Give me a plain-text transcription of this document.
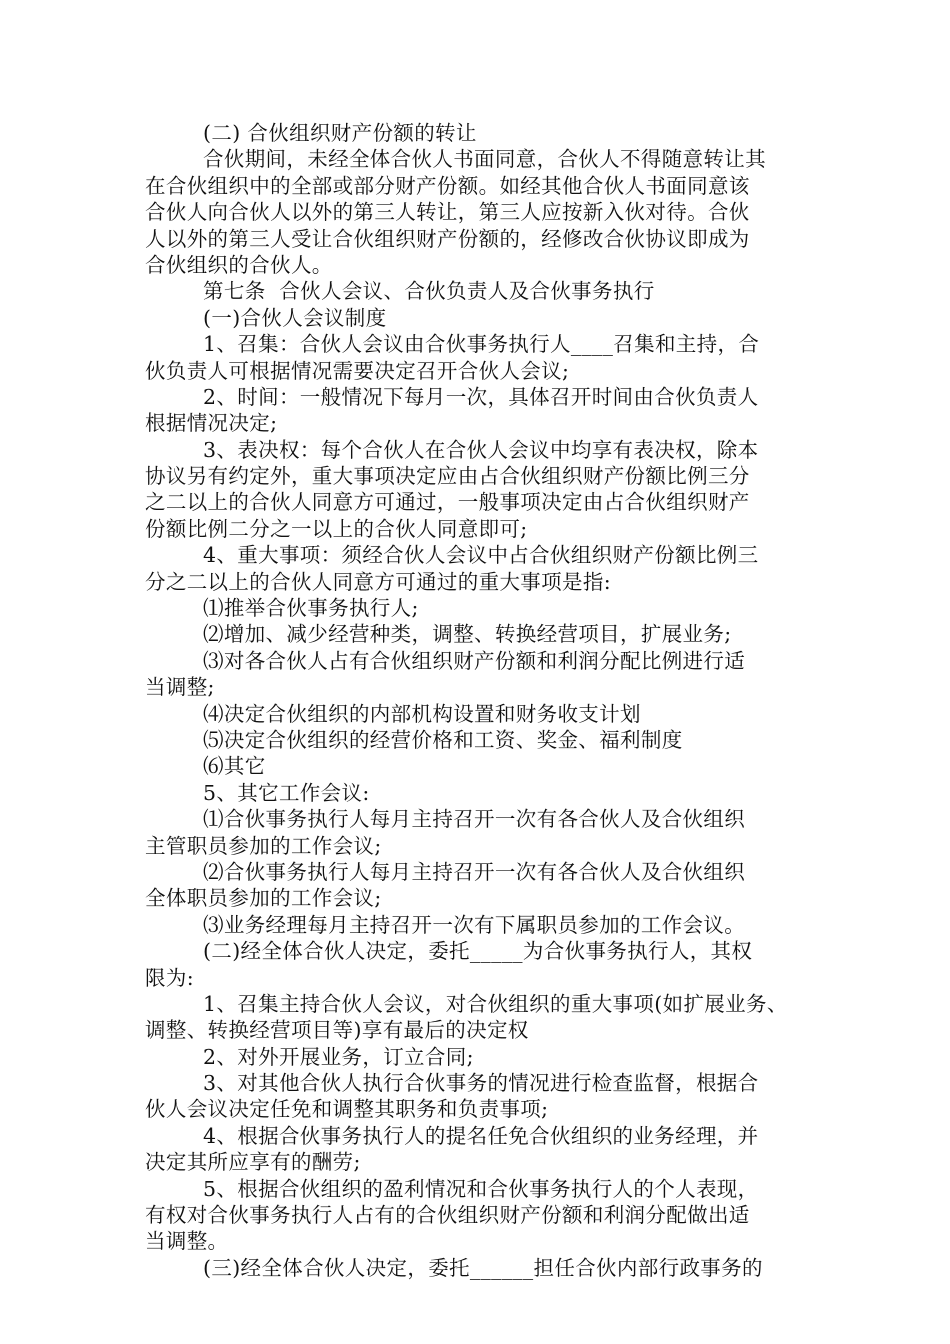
(二) 合伙组织财产份额的转让
合伙期间，未经全体合伙人书面同意，合伙人不得随意转让其
在合伙组织中的全部或部分财产份额。如经其他合伙人书面同意该
合伙人向合伙人以外的第三人转让，第三人应按新入伙对待。合伙
人以外的第三人受让合伙组织财产份额的，经修改合伙协议即成为
合伙组织的合伙人。
第七条  合伙人会议、合伙负责人及合伙事务执行
(一)合伙人会议制度
1、召集：合伙人会议由合伙事务执行人____召集和主持，合
伙负责人可根据情况需要决定召开合伙人会议;
2、时间：一般情况下每月一次，具体召开时间由合伙负责人
根据情况决定;
3、表决权：每个合伙人在合伙人会议中均享有表决权，除本
协议另有约定外，重大事项决定应由占合伙组织财产份额比例三分
之二以上的合伙人同意方可通过，一般事项决定由占合伙组织财产
份额比例二分之一以上的合伙人同意即可;
4、重大事项：须经合伙人会议中占合伙组织财产份额比例三
分之二以上的合伙人同意方可通过的重大事项是指:
⑴推举合伙事务执行人;
⑵增加、减少经营种类，调整、转换经营项目，扩展业务;
⑶对各合伙人占有合伙组织财产份额和利润分配比例进行适
当调整;
⑷决定合伙组织的内部机构设置和财务收支计划
⑸决定合伙组织的经营价格和工资、奖金、福利制度
⑹其它
5、其它工作会议:
⑴合伙事务执行人每月主持召开一次有各合伙人及合伙组织
主管职员参加的工作会议;
⑵合伙事务执行人每月主持召开一次有各合伙人及合伙组织
全体职员参加的工作会议;
⑶业务经理每月主持召开一次有下属职员参加的工作会议。
(二)经全体合伙人决定，委托_____为合伙事务执行人，其权
限为:
1、召集主持合伙人会议，对合伙组织的重大事项(如扩展业务、
调整、转换经营项目等)享有最后的决定权
2、对外开展业务，订立合同;
3、对其他合伙人执行合伙事务的情况进行检查监督，根据合
伙人会议决定任免和调整其职务和负责事项;
4、根据合伙事务执行人的提名任免合伙组织的业务经理，并
决定其所应享有的酬劳;
5、根据合伙组织的盈利情况和合伙事务执行人的个人表现，
有权对合伙事务执行人占有的合伙组织财产份额和利润分配做出适
当调整。
(三)经全体合伙人决定，委托______担任合伙内部行政事务的
